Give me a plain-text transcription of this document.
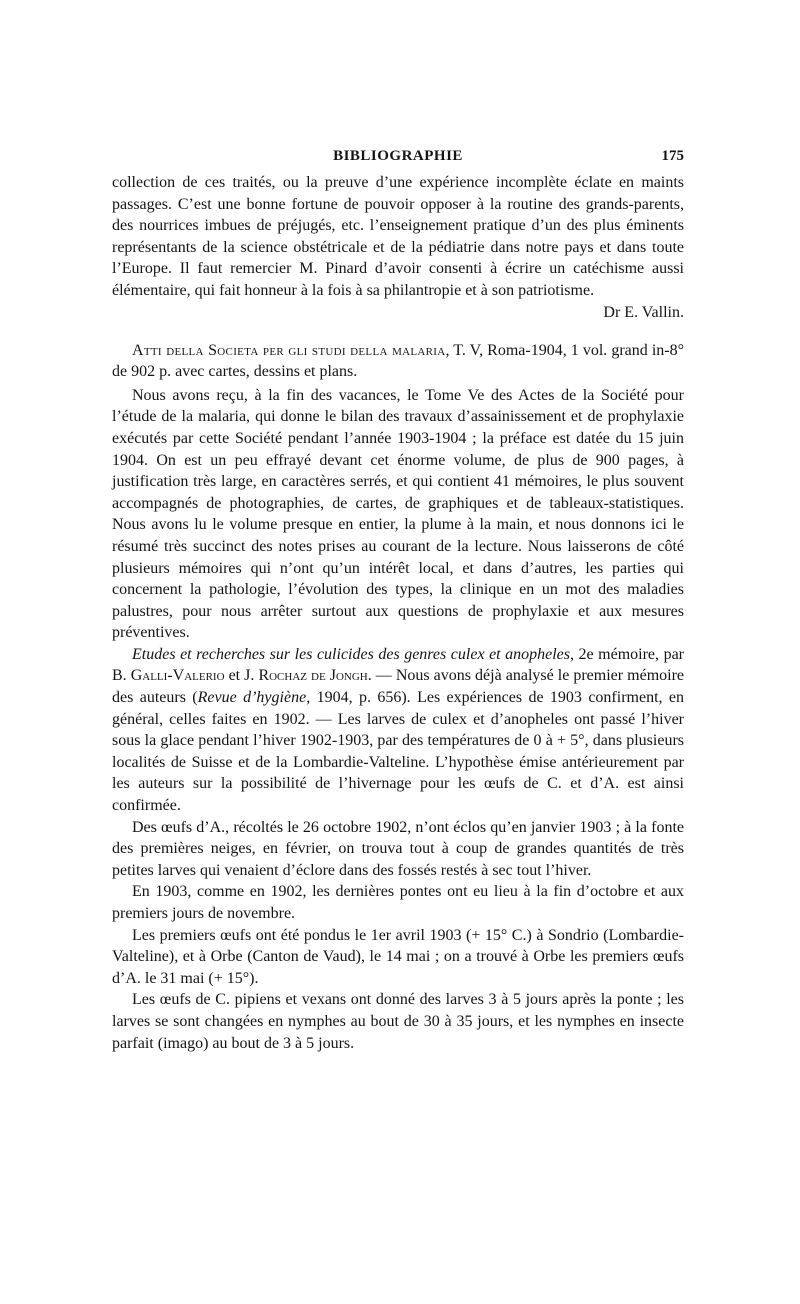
BIBLIOGRAPHIE	175

collection de ces traités, ou la preuve d’une expérience incomplète éclate en maints passages. C’est une bonne fortune de pouvoir opposer à la routine des grands-parents, des nourrices imbues de préjugés, etc. l’enseignement pratique d’un des plus éminents représentants de la science obstétricale et de la pédiatrie dans notre pays et dans toute l’Europe. Il faut remercier M. Pinard d’avoir consenti à écrire un catéchisme aussi élémentaire, qui fait honneur à la fois à sa philantropie et à son patriotisme.

Dr E. Vallin.

Atti della Societa per gli studi della malaria, T. V, Roma-1904, 1 vol. grand in-8° de 902 p. avec cartes, dessins et plans.

Nous avons reçu, à la fin des vacances, le Tome Ve des Actes de la Société pour l’étude de la malaria, qui donne le bilan des travaux d’assainissement et de prophylaxie exécutés par cette Société pendant l’année 1903-1904 ; la préface est datée du 15 juin 1904. On est un peu effrayé devant cet énorme volume, de plus de 900 pages, à justification très large, en caractères serrés, et qui contient 41 mémoires, le plus souvent accompagnés de photographies, de cartes, de graphiques et de tableaux-statistiques. Nous avons lu le volume presque en entier, la plume à la main, et nous donnons ici le résumé très succinct des notes prises au courant de la lecture. Nous laisserons de côté plusieurs mémoires qui n’ont qu’un intérêt local, et dans d’autres, les parties qui concernent la pathologie, l’évolution des types, la clinique en un mot des maladies palustres, pour nous arrêter surtout aux questions de prophylaxie et aux mesures préventives.

Etudes et recherches sur les culicides des genres culex et anopheles, 2e mémoire, par B. Galli-Valerio et J. Rochaz de Jongh. — Nous avons déjà analysé le premier mémoire des auteurs (Revue d’hygiène, 1904, p. 656). Les expériences de 1903 confirment, en général, celles faites en 1902. — Les larves de culex et d’anopheles ont passé l’hiver sous la glace pendant l’hiver 1902-1903, par des températures de 0 à + 5°, dans plusieurs localités de Suisse et de la Lombardie-Valteline. L’hypothèse émise antérieurement par les auteurs sur la possibilité de l’hivernage pour les œufs de C. et d’A. est ainsi confirmée.

Des œufs d’A., récoltés le 26 octobre 1902, n’ont éclos qu’en janvier 1903 ; à la fonte des premières neiges, en février, on trouva tout à coup de grandes quantités de très petites larves qui venaient d’éclore dans des fossés restés à sec tout l’hiver.

En 1903, comme en 1902, les dernières pontes ont eu lieu à la fin d’octobre et aux premiers jours de novembre.

Les premiers œufs ont été pondus le 1er avril 1903 (+ 15° C.) à Sondrio (Lombardie-Valteline), et à Orbe (Canton de Vaud), le 14 mai ; on a trouvé à Orbe les premiers œufs d’A. le 31 mai (+ 15°).

Les œufs de C. pipiens et vexans ont donné des larves 3 à 5 jours après la ponte ; les larves se sont changées en nymphes au bout de 30 à 35 jours, et les nymphes en insecte parfait (imago) au bout de 3 à 5 jours.
